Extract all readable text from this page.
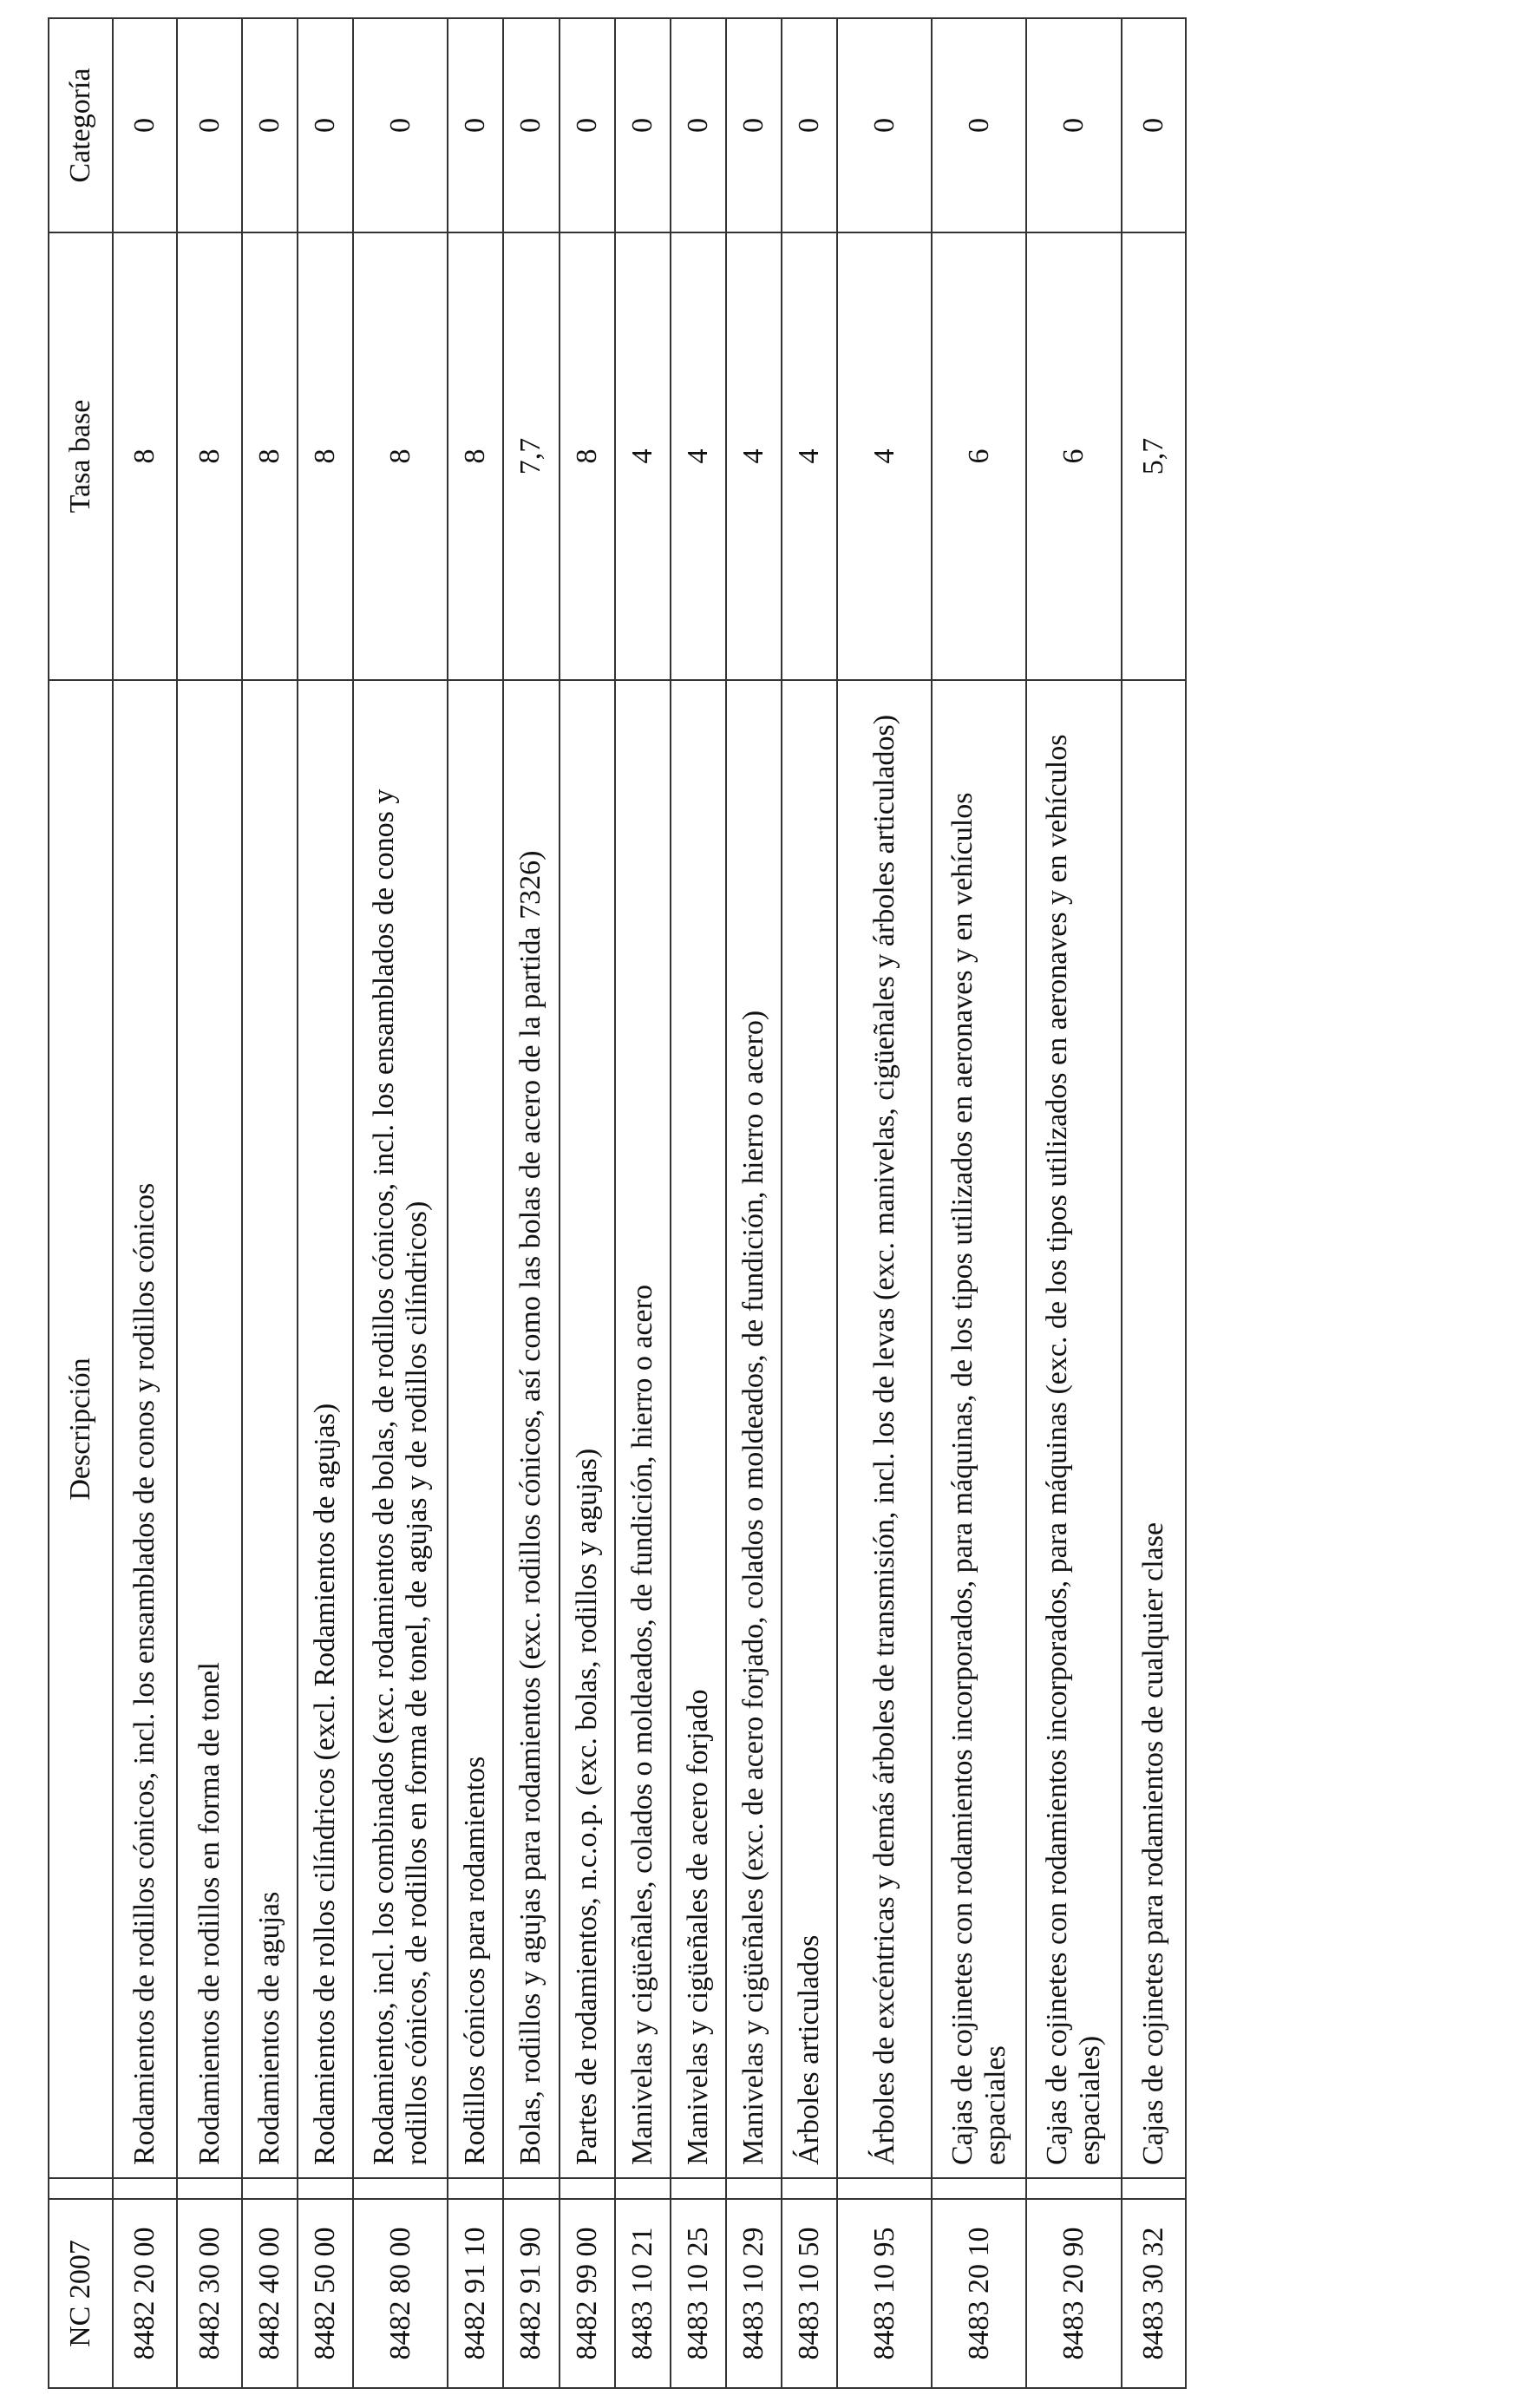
NC 2007		Descripción	Tasa base	Categoría
8482 20 00		Rodamientos de rodillos cónicos, incl. los ensamblados de conos y rodillos cónicos	8	0
8482 30 00		Rodamientos de rodillos en forma de tonel	8	0
8482 40 00		Rodamientos de agujas	8	0
8482 50 00		Rodamientos de rollos cilíndricos (excl. Rodamientos de agujas)	8	0
8482 80 00		Rodamientos, incl. los combinados (exc. rodamientos de bolas, de rodillos cónicos, incl. los ensamblados de conos y rodillos cónicos, de rodillos en forma de tonel, de agujas y de rodillos cilíndricos)	8	0
8482 91 10		Rodillos cónicos para rodamientos	8	0
8482 91 90		Bolas, rodillos y agujas para rodamientos (exc. rodillos cónicos, así como las bolas de acero de la partida 7326)	7,7	0
8482 99 00		Partes de rodamientos, n.c.o.p. (exc. bolas, rodillos y agujas)	8	0
8483 10 21		Manivelas y cigüeñales, colados o moldeados, de fundición, hierro o acero	4	0
8483 10 25		Manivelas y cigüeñales de acero forjado	4	0
8483 10 29		Manivelas y cigüeñales (exc. de acero forjado, colados o moldeados, de fundición, hierro o acero)	4	0
8483 10 50		Árboles articulados	4	0
8483 10 95		Árboles de excéntricas y demás árboles de transmisión, incl. los de levas (exc. manivelas, cigüeñales y árboles articulados)	4	0
8483 20 10		Cajas de cojinetes con rodamientos incorporados, para máquinas, de los tipos utilizados en aeronaves y en vehículos espaciales	6	0
8483 20 90		Cajas de cojinetes con rodamientos incorporados, para máquinas (exc. de los tipos utilizados en aeronaves y en vehículos espaciales)	6	0
8483 30 32		Cajas de cojinetes para rodamientos de cualquier clase	5,7	0
